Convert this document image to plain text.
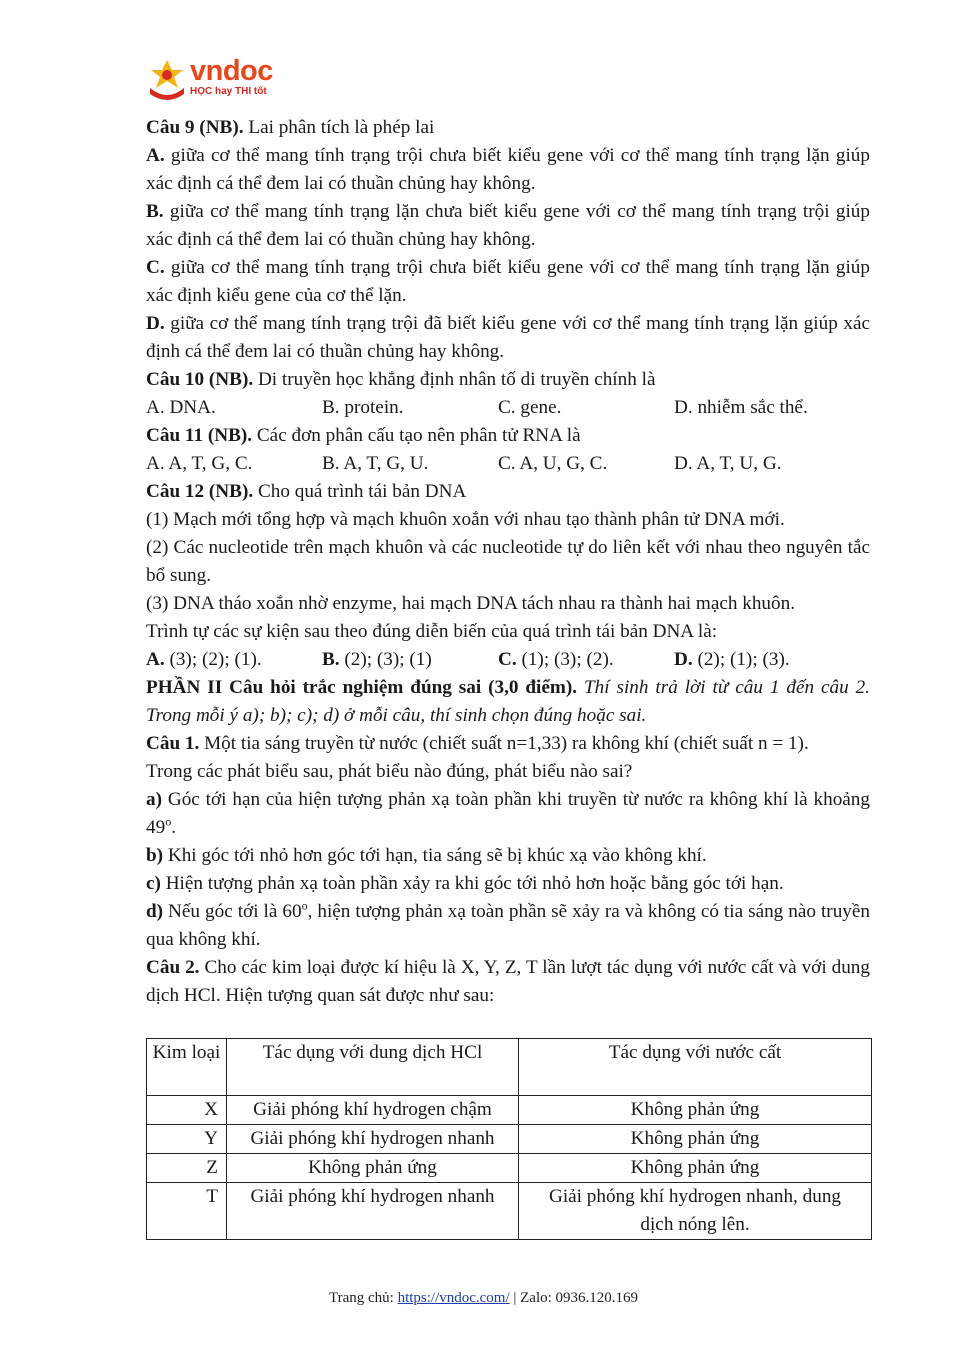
vndoc
HỌC hay THI tốt

Câu 9 (NB). Lai phân tích là phép lai

A. giữa cơ thể mang tính trạng trội chưa biết kiểu gene với cơ thể mang tính trạng lặn giúp xác định cá thể đem lai có thuần chủng hay không.

B. giữa cơ thể mang tính trạng lặn chưa biết kiểu gene với cơ thể mang tính trạng trội giúp xác định cá thể đem lai có thuần chủng hay không.

C. giữa cơ thể mang tính trạng trội chưa biết kiểu gene với cơ thể mang tính trạng lặn giúp xác định kiểu gene của cơ thể lặn.

D. giữa cơ thể mang tính trạng trội đã biết kiểu gene với cơ thể mang tính trạng lặn giúp xác định cá thể đem lai có thuần chủng hay không.

Câu 10 (NB). Di truyền học khẳng định nhân tố di truyền chính là

A. DNA.	B. protein.	C. gene.	D. nhiễm sắc thể.

Câu 11 (NB). Các đơn phân cấu tạo nên phân tử RNA là

A. A, T, G, C.	B. A, T, G, U.	C. A, U, G, C.	D. A, T, U, G.

Câu 12 (NB). Cho quá trình tái bản DNA

(1) Mạch mới tổng hợp và mạch khuôn xoắn với nhau tạo thành phân tử DNA mới.

(2) Các nucleotide trên mạch khuôn và các nucleotide tự do liên kết với nhau theo nguyên tắc bổ sung.

(3) DNA tháo xoắn nhờ enzyme, hai mạch DNA tách nhau ra thành hai mạch khuôn.

Trình tự các sự kiện sau theo đúng diễn biến của quá trình tái bản DNA là:

A. (3); (2); (1).	B. (2); (3); (1)	C. (1); (3); (2).	D. (2); (1); (3).

PHẦN II Câu hỏi trắc nghiệm đúng sai (3,0 điểm). Thí sinh trả lời từ câu 1 đến câu 2. Trong mỗi ý a); b); c); d) ở mỗi câu, thí sinh chọn đúng hoặc sai.

Câu 1. Một tia sáng truyền từ nước (chiết suất n=1,33) ra không khí (chiết suất n = 1).

Trong các phát biểu sau, phát biểu nào đúng, phát biểu nào sai?

a) Góc tới hạn của hiện tượng phản xạ toàn phần khi truyền từ nước ra không khí là khoảng 49$^o$.

b) Khi góc tới nhỏ hơn góc tới hạn, tia sáng sẽ bị khúc xạ vào không khí.

c) Hiện tượng phản xạ toàn phần xảy ra khi góc tới nhỏ hơn hoặc bằng góc tới hạn.

d) Nếu góc tới là 60$^o$, hiện tượng phản xạ toàn phần sẽ xảy ra và không có tia sáng nào truyền qua không khí.

Câu 2. Cho các kim loại được kí hiệu là X, Y, Z, T lần lượt tác dụng với nước cất và với dung dịch HCl. Hiện tượng quan sát được như sau:

Kim loại	Tác dụng với dung dịch HCl	Tác dụng với nước cất
X	Giải phóng khí hydrogen chậm	Không phản ứng
Y	Giải phóng khí hydrogen nhanh	Không phản ứng
Z	Không phản ứng	Không phản ứng
T	Giải phóng khí hydrogen nhanh	Giải phóng khí hydrogen nhanh, dung dịch nóng lên.
Trang chủ: https://vndoc.com/ | Zalo: 0936.120.169
